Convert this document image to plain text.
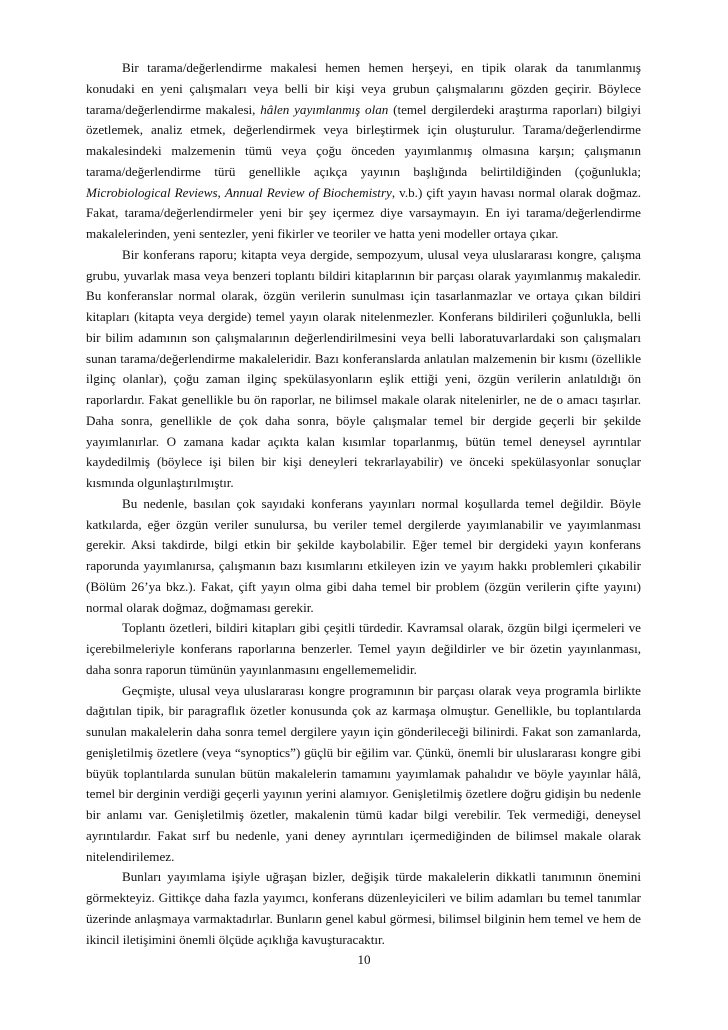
Bir tarama/değerlendirme makalesi hemen hemen herşeyi, en tipik olarak da tanımlanmış konudaki en yeni çalışmaları veya belli bir kişi veya grubun çalışmalarını gözden geçirir. Böylece tarama/değerlendirme makalesi, hâlen yayımlanmış olan (temel dergilerdeki araştırma raporları) bilgiyi özetlemek, analiz etmek, değerlendirmek veya birleştirmek için oluşturulur. Tarama/değerlendirme makalesindeki malzemenin tümü veya çoğu önceden yayımlanmış olmasına karşın; çalışmanın tarama/değerlendirme türü genellikle açıkça yayının başlığında belirtildiğinden (çoğunlukla; Microbiological Reviews, Annual Review of Biochemistry, v.b.) çift yayın havası normal olarak doğmaz. Fakat, tarama/değerlendirmeler yeni bir şey içermez diye varsaymayın. En iyi tarama/değerlendirme makalelerinden, yeni sentezler, yeni fikirler ve teoriler ve hatta yeni modeller ortaya çıkar.

Bir konferans raporu; kitapta veya dergide, sempozyum, ulusal veya uluslararası kongre, çalışma grubu, yuvarlak masa veya benzeri toplantı bildiri kitaplarının bir parçası olarak yayımlanmış makaledir. Bu konferanslar normal olarak, özgün verilerin sunulması için tasarlanmazlar ve ortaya çıkan bildiri kitapları (kitapta veya dergide) temel yayın olarak nitelenmezler. Konferans bildirileri çoğunlukla, belli bir bilim adamının son çalışmalarının değerlendirilmesini veya belli laboratuvarlardaki son çalışmaları sunan tarama/değerlendirme makaleleridir. Bazı konferanslarda anlatılan malzemenin bir kısmı (özellikle ilginç olanlar), çoğu zaman ilginç spekülasyonların eşlik ettiği yeni, özgün verilerin anlatıldığı ön raporlardır. Fakat genellikle bu ön raporlar, ne bilimsel makale olarak nitelenirler, ne de o amacı taşırlar. Daha sonra, genellikle de çok daha sonra, böyle çalışmalar temel bir dergide geçerli bir şekilde yayımlanırlar. O zamana kadar açıkta kalan kısımlar toparlanmış, bütün temel deneysel ayrıntılar kaydedilmiş (böylece işi bilen bir kişi deneyleri tekrarlayabilir) ve önceki spekülasyonlar sonuçlar kısmında olgunlaştırılmıştır.

Bu nedenle, basılan çok sayıdaki konferans yayınları normal koşullarda temel değildir. Böyle katkılarda, eğer özgün veriler sunulursa, bu veriler temel dergilerde yayımlanabilir ve yayımlanması gerekir. Aksi takdirde, bilgi etkin bir şekilde kaybolabilir. Eğer temel bir dergideki yayın konferans raporunda yayımlanırsa, çalışmanın bazı kısımlarını etkileyen izin ve yayım hakkı problemleri çıkabilir (Bölüm 26’ya bkz.). Fakat, çift yayın olma gibi daha temel bir problem (özgün verilerin çifte yayını) normal olarak doğmaz, doğmaması gerekir.

Toplantı özetleri, bildiri kitapları gibi çeşitli türdedir. Kavramsal olarak, özgün bilgi içermeleri ve içerebilmeleriyle konferans raporlarına benzerler. Temel yayın değildirler ve bir özetin yayınlanması, daha sonra raporun tümünün yayınlanmasını engellememelidir.

Geçmişte, ulusal veya uluslararası kongre programının bir parçası olarak veya programla birlikte dağıtılan tipik, bir paragraflık özetler konusunda çok az karmaşa olmuştur. Genellikle, bu toplantılarda sunulan makalelerin daha sonra temel dergilere yayın için gönderileceği bilinirdi. Fakat son zamanlarda, genişletilmiş özetlere (veya “synoptics”) güçlü bir eğilim var. Çünkü, önemli bir uluslararası kongre gibi büyük toplantılarda sunulan bütün makalelerin tamamını yayımlamak pahalıdır ve böyle yayınlar hâlâ, temel bir derginin verdiği geçerli yayının yerini alamıyor. Genişletilmiş özetlere doğru gidişin bu nedenle bir anlamı var. Genişletilmiş özetler, makalenin tümü kadar bilgi verebilir. Tek vermediği, deneysel ayrıntılardır. Fakat sırf bu nedenle, yani deney ayrıntıları içermediğinden de bilimsel makale olarak nitelendirilemez.

Bunları yayımlama işiyle uğraşan bizler, değişik türde makalelerin dikkatli tanımının önemini görmekteyiz. Gittikçe daha fazla yayımcı, konferans düzenleyicileri ve bilim adamları bu temel tanımlar üzerinde anlaşmaya varmaktadırlar. Bunların genel kabul görmesi, bilimsel bilginin hem temel ve hem de ikincil iletişimini önemli ölçüde açıklığa kavuşturacaktır.

10
